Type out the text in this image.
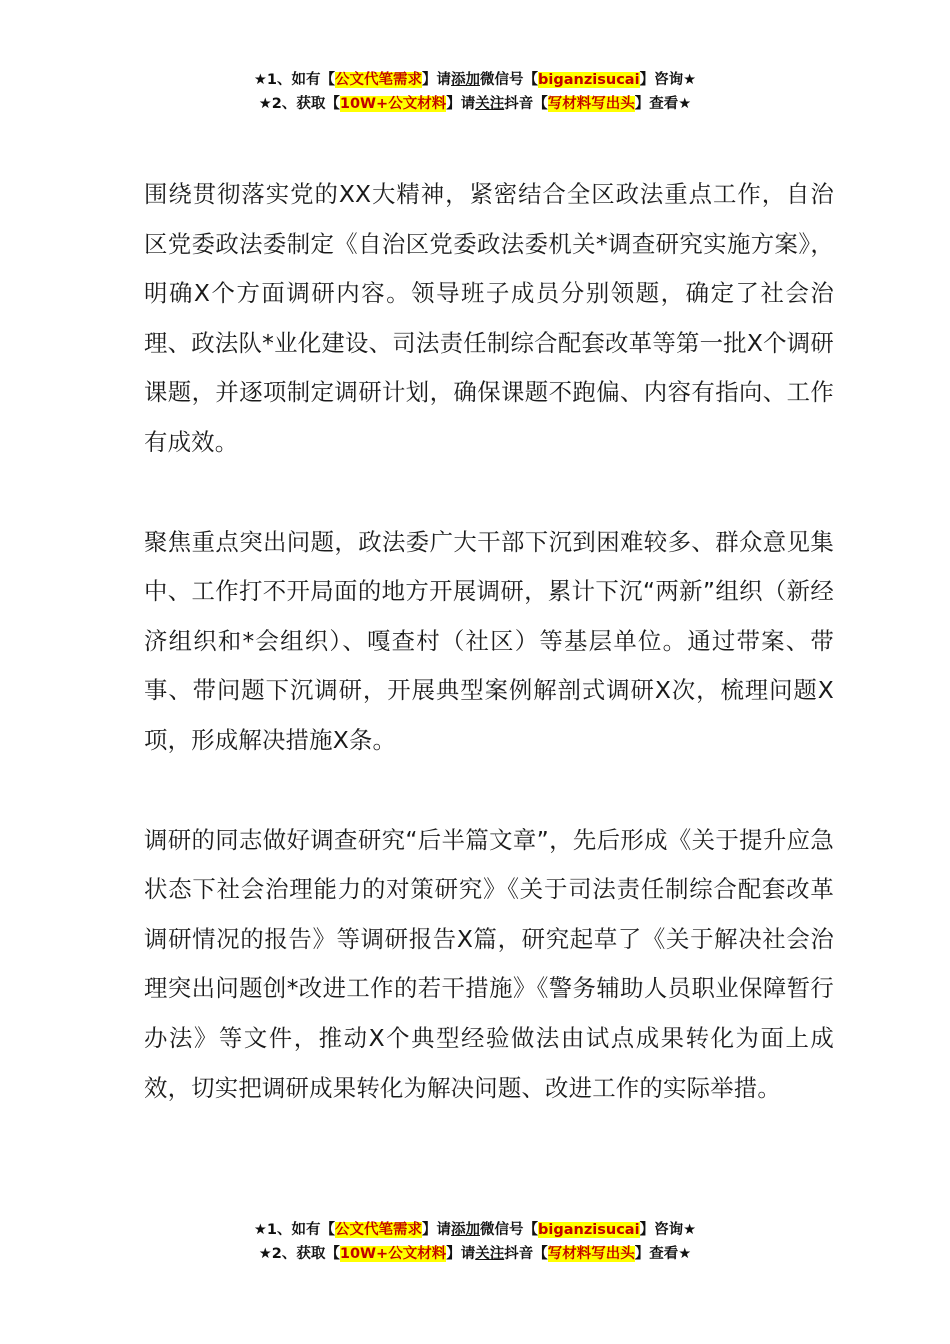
★1、如有【公文代笔需求】请添加微信号【biganzisucai】咨询★
★2、获取【10W+公文材料】请关注抖音【写材料写出头】查看★

围绕贯彻落实党的XX大精神，紧密结合全区政法重点工作，自治区党委政法委制定《自治区党委政法委机关*调查研究实施方案》，明确X个方面调研内容。领导班子成员分别领题，确定了社会治理、政法队*业化建设、司法责任制综合配套改革等第一批X个调研课题，并逐项制定调研计划，确保课题不跑偏、内容有指向、工作有成效。

聚焦重点突出问题，政法委广大干部下沉到困难较多、群众意见集中、工作打不开局面的地方开展调研，累计下沉“两新”组织（新经济组织和*会组织）、嘎查村（社区）等基层单位。通过带案、带事、带问题下沉调研，开展典型案例解剖式调研X次，梳理问题X项，形成解决措施X条。

调研的同志做好调查研究“后半篇文章”，先后形成《关于提升应急状态下社会治理能力的对策研究》《关于司法责任制综合配套改革调研情况的报告》等调研报告X篇，研究起草了《关于解决社会治理突出问题创*改进工作的若干措施》《警务辅助人员职业保障暂行办法》等文件，推动X个典型经验做法由试点成果转化为面上成效，切实把调研成果转化为解决问题、改进工作的实际举措。

★1、如有【公文代笔需求】请添加微信号【biganzisucai】咨询★
★2、获取【10W+公文材料】请关注抖音【写材料写出头】查看★
